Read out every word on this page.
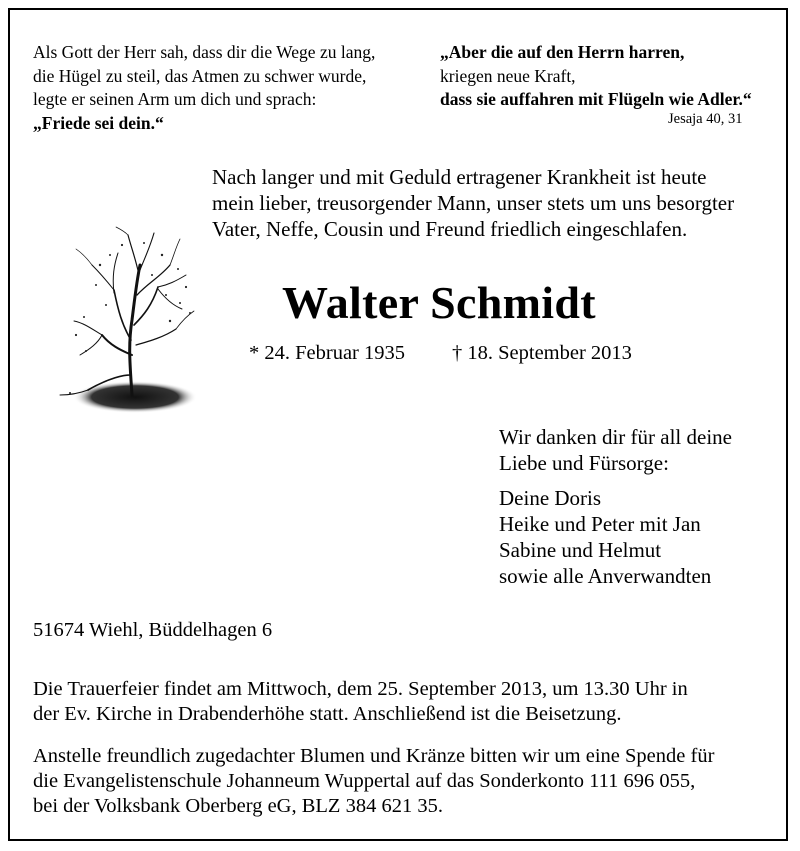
Als Gott der Herr sah, dass dir die Wege zu lang,
die Hügel zu steil, das Atmen zu schwer wurde,
legte er seinen Arm um dich und sprach:
„Friede sei dein.“
„Aber die auf den Herrn harren,
kriegen neue Kraft,
dass sie auffahren mit Flügeln wie Adler.“
Jesaja 40, 31
Nach langer und mit Geduld ertragener Krankheit ist heute
mein lieber, treusorgender Mann, unser stets um uns besorgter
Vater, Neffe, Cousin und Freund friedlich eingeschlafen.
Walter Schmidt
* 24. Februar 1935 † 18. September 2013
Wir danken dir für all deine
Liebe und Fürsorge:
Deine Doris
Heike und Peter mit Jan
Sabine und Helmut
sowie alle Anverwandten
51674 Wiehl, Büddelhagen 6
Die Trauerfeier findet am Mittwoch, dem 25. September 2013, um 13.30 Uhr in
der Ev. Kirche in Drabenderhöhe statt. Anschließend ist die Beisetzung.
Anstelle freundlich zugedachter Blumen und Kränze bitten wir um eine Spende für
die Evangelistenschule Johanneum Wuppertal auf das Sonderkonto 111 696 055,
bei der Volksbank Oberberg eG, BLZ 384 621 35.
